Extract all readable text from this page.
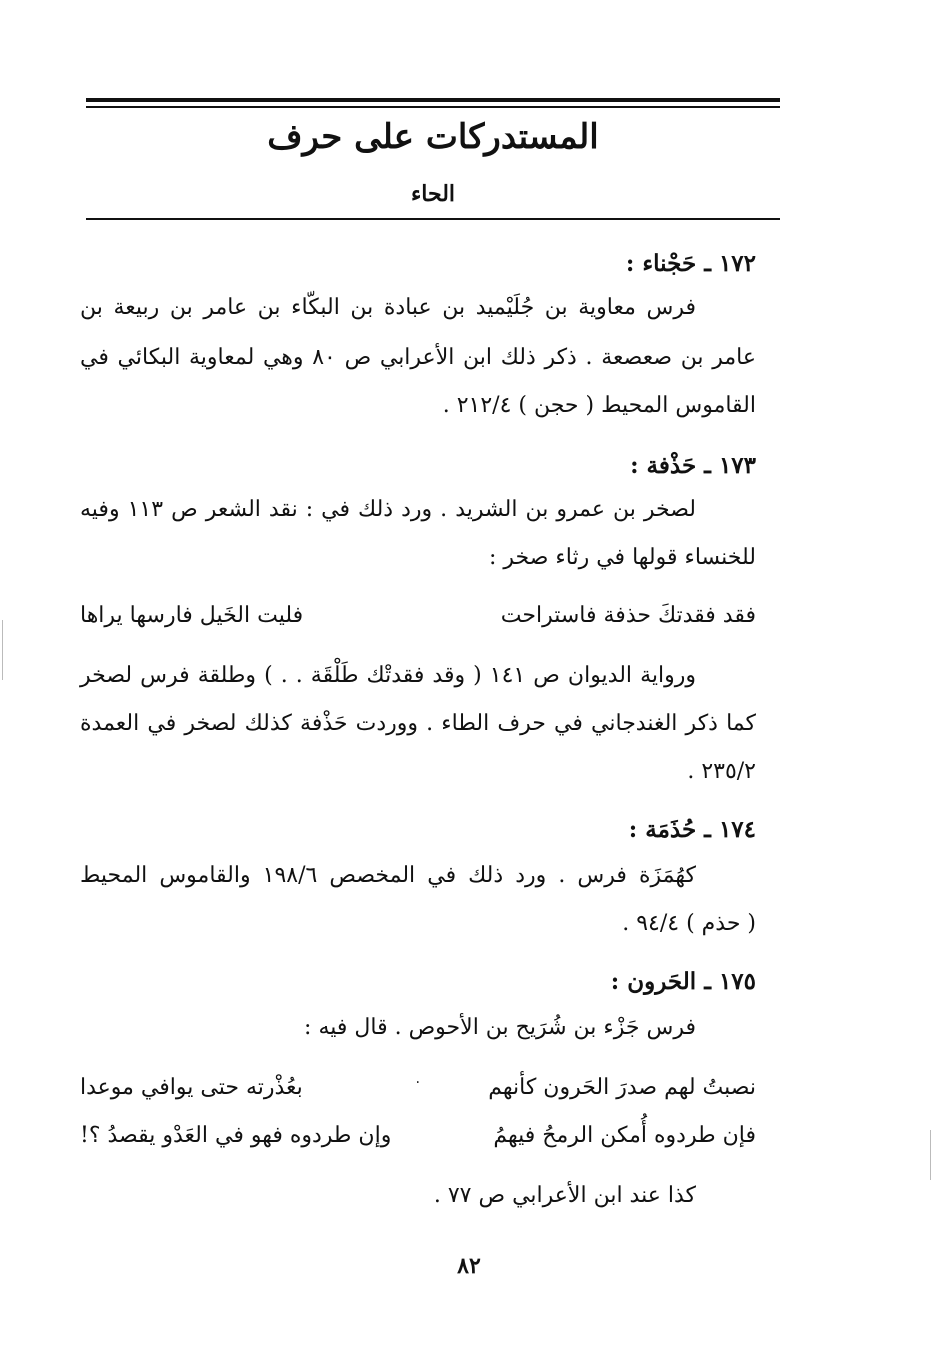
المستدركات على حرف
الحاء
١٧٢ ـ حَجْناء :
فرس معاوية بن جُلَيْميد بن عبادة بن البكّاء بن عامر بن ربيعة بن
عامر بن صعصعة . ذكر ذلك ابن الأعرابي ص ٨٠ وهي لمعاوية البكائي في
القاموس المحيط ( حجن ) ٢١٢/٤ .
١٧٣ ـ حَذْفة :
لصخر بن عمرو بن الشريد . ورد ذلك في : نقد الشعر ص ١١٣ وفيه
للخنساء قولها في رثاء صخر :
فقد فقدتكَ حذفة فاستراحت
فليت الخَيل فارسها يراها
ورواية الديوان ص ١٤١ ( وقد فقدتْك طَلْقَة . . ) وطلقة فرس لصخر
كما ذكر الغندجاني في حرف الطاء . ووردت حَذْفة كذلك لصخر في العمدة
٢٣٥/٢ .
١٧٤ ـ حُذَمَة :
كهُمَزَة فرس . ورد ذلك في المخصص ١٩٨/٦ والقاموس المحيط
( حذم ) ٩٤/٤ .
١٧٥ ـ الحَرون :
فرس جَزْء بن شُرَيح بن الأحوص . قال فيه :
نصبتُ لهم صدرَ الحَرون كأنهم
٠
بعُذْرته حتى يوافي موعدا
فإن طردوه أُمكن الرمحُ فيهمُ
وإن طردوه فهو في العَدْو يقصدُ ؟!
كذا عند ابن الأعرابي ص ٧٧ .
٨٢
